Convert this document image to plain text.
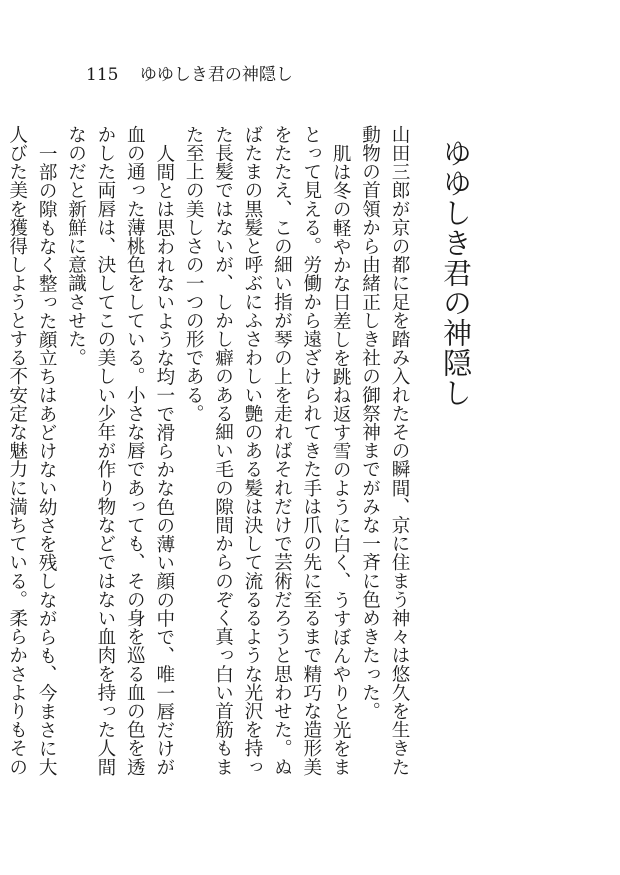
115 ゆゆしき君の神隠し
ゆゆしき君の神隠し

山田三郎が京の都に足を踏み入れたその瞬間、京に住まう神々は悠久を生きた動物の首領から由緒正しき社の御祭神までがみな一斉に色めきたった。

肌は冬の軽やかな日差しを跳ね返す雪のように白く、うすぼんやりと光をまとって見える。労働から遠ざけられてきた手は爪の先に至るまで精巧な造形美をたたえ、この細い指が琴の上を走ればそれだけで芸術だろうと思わせた。ぬばたまの黒髪と呼ぶにふさわしい艶のある髪は決して流るるような光沢を持った長髪ではないが、しかし癖のある細い毛の隙間からのぞく真っ白い首筋もまた至上の美しさの一つの形である。

人間とは思われないような均一で滑らかな色の薄い顔の中で、唯一唇だけが血の通った薄桃色をしている。小さな唇であっても、その身を巡る血の色を透かした両唇は、決してこの美しい少年が作り物などではない血肉を持った人間なのだと新鮮に意識させた。

一部の隙もなく整った顔立ちはあどけない幼さを残しながらも、今まさに大人びた美を獲得しようとする不安定な魅力に満ちている。柔らかさよりもその
